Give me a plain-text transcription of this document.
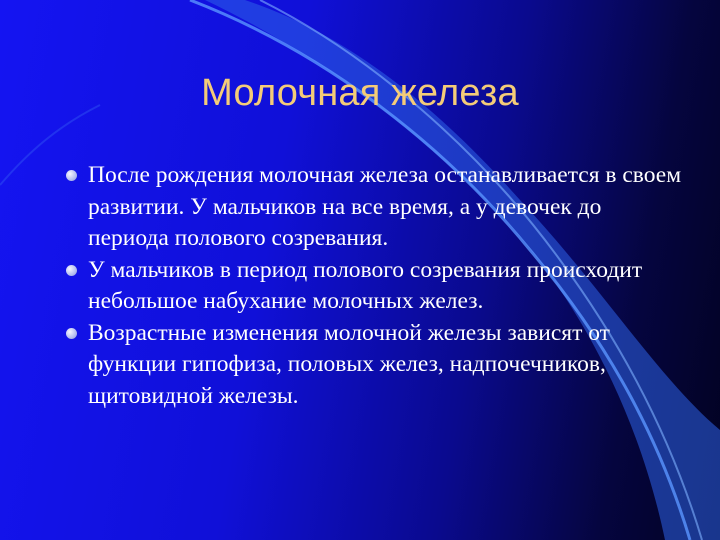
Молочная железа
После рождения молочная железа останавливается в своем развитии. У мальчиков на все время, а у девочек до периода полового созревания.
У мальчиков в период полового созревания происходит небольшое набухание молочных желез.
Возрастные изменения молочной железы зависят от функции гипофиза, половых желез, надпочечников, щитовидной железы.
